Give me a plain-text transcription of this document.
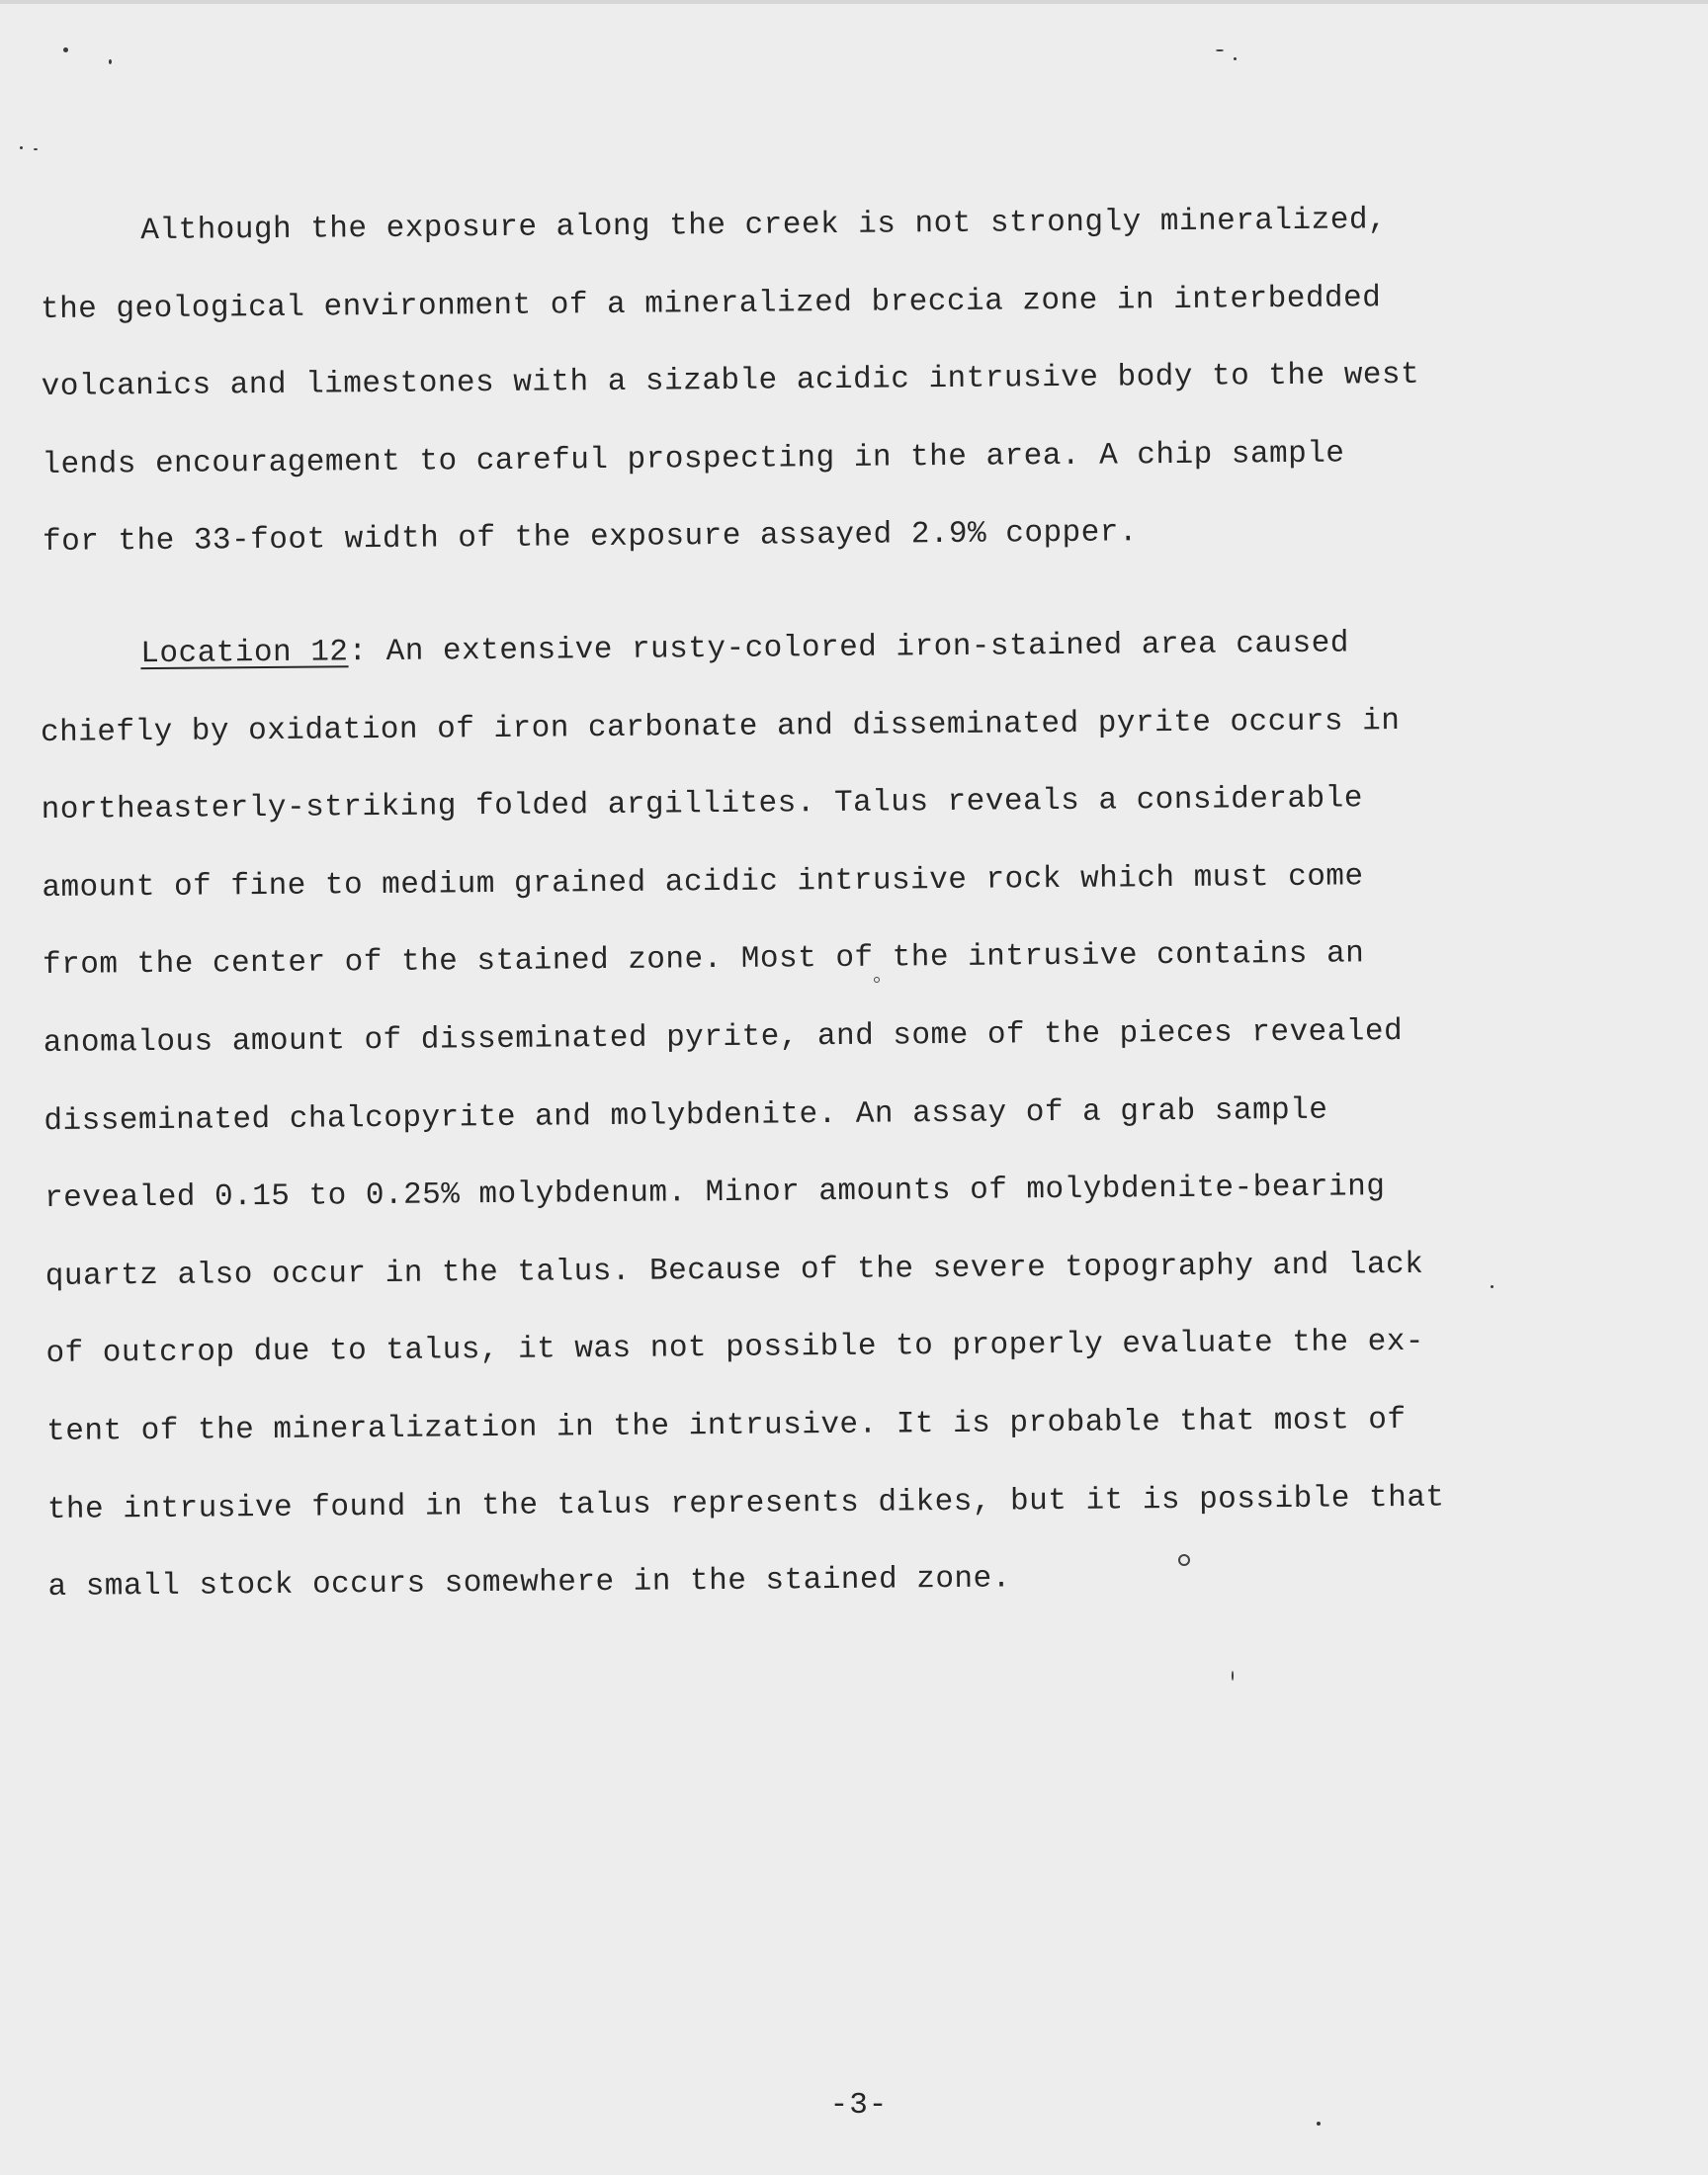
Although the exposure along the creek is not strongly mineralized,
the geological environment of a mineralized breccia zone in interbedded
volcanics and limestones with a sizable acidic intrusive body to the west
lends encouragement to careful prospecting in the area. A chip sample
for the 33-foot width of the exposure assayed 2.9% copper.
Location 12: An extensive rusty-colored iron-stained area caused
chiefly by oxidation of iron carbonate and disseminated pyrite occurs in
northeasterly-striking folded argillites. Talus reveals a considerable
amount of fine to medium grained acidic intrusive rock which must come
from the center of the stained zone. Most of the intrusive contains an
anomalous amount of disseminated pyrite, and some of the pieces revealed
disseminated chalcopyrite and molybdenite. An assay of a grab sample
revealed 0.15 to 0.25% molybdenum. Minor amounts of molybdenite-bearing
quartz also occur in the talus. Because of the severe topography and lack
of outcrop due to talus, it was not possible to properly evaluate the ex-
tent of the mineralization in the intrusive. It is probable that most of
the intrusive found in the talus represents dikes, but it is possible that
a small stock occurs somewhere in the stained zone.
-3-
